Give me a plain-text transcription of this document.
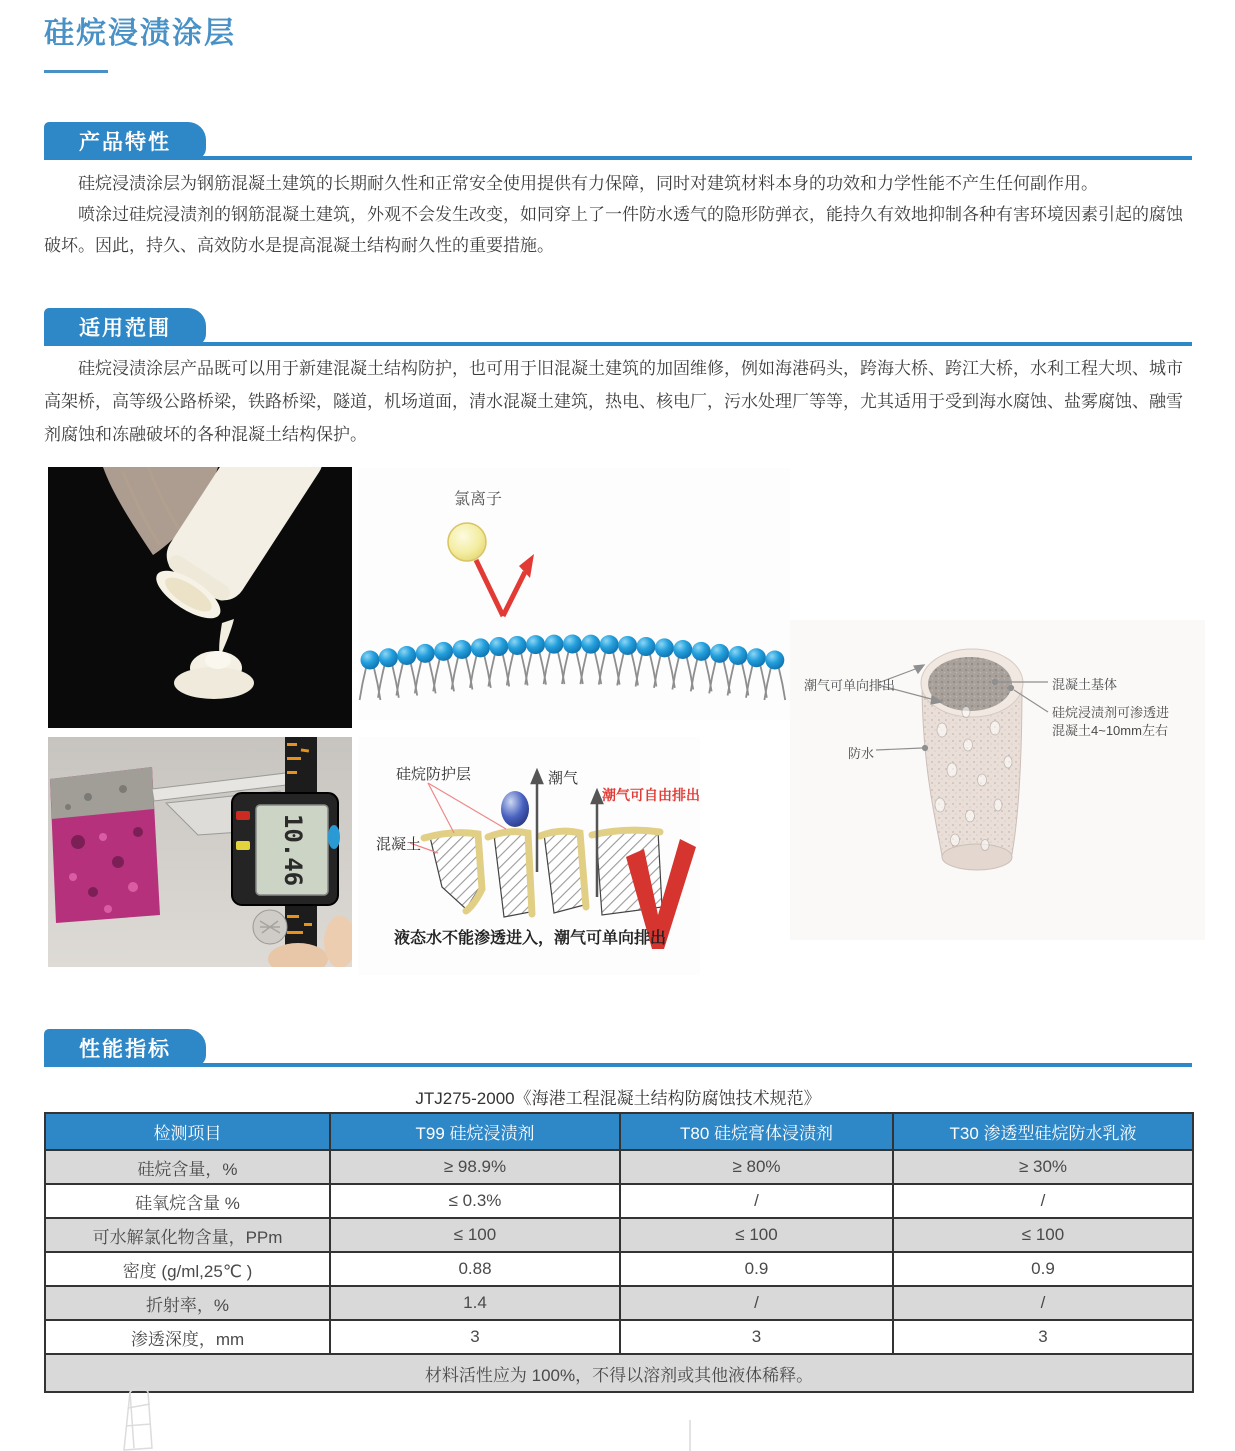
硅烷浸渍涂层
产品特性

硅烷浸渍涂层为钢筋混凝土建筑的长期耐久性和正常安全使用提供有力保障，同时对建筑材料本身的功效和力学性能不产生任何副作用。

喷涂过硅烷浸渍剂的钢筋混凝土建筑，外观不会发生改变，如同穿上了一件防水透气的隐形防弹衣，能持久有效地抑制各种有害环境因素引起的腐蚀破坏。因此，持久、高效防水是提高混凝土结构耐久性的重要措施。

适用范围

硅烷浸渍涂层产品既可以用于新建混凝土结构防护，也可用于旧混凝土建筑的加固维修，例如海港码头，跨海大桥、跨江大桥，水利工程大坝、城市高架桥，高等级公路桥梁，铁路桥梁，隧道，机场道面，清水混凝土建筑，热电、核电厂，污水处理厂等等，尤其适用于受到海水腐蚀、盐雾腐蚀、融雪剂腐蚀和冻融破坏的各种混凝土结构保护。

氯离子
潮气可单向排出	混凝土基体
硅烷浸渍剂可渗透进
混凝土4~10mm左右
防水
10.46
硅烷防护层
混凝土
潮气
潮气可自由排出
液态水不能渗透进入，潮气可单向排出
性能指标
JTJ275-2000《海港工程混凝土结构防腐蚀技术规范》
检测项目	T99 硅烷浸渍剂	T80 硅烷膏体浸渍剂	T30 渗透型硅烷防水乳液
硅烷含量，%	≥ 98.9%	≥ 80%	≥ 30%
硅氧烷含量 %	≤ 0.3%	/	/
可水解氯化物含量，PPm	≤ 100	≤ 100	≤ 100
密度 (g/ml,25℃ )	0.88	0.9	0.9
折射率，%	1.4	/	/
渗透深度，mm	3	3	3
材料活性应为 100%，不得以溶剂或其他液体稀释。			
